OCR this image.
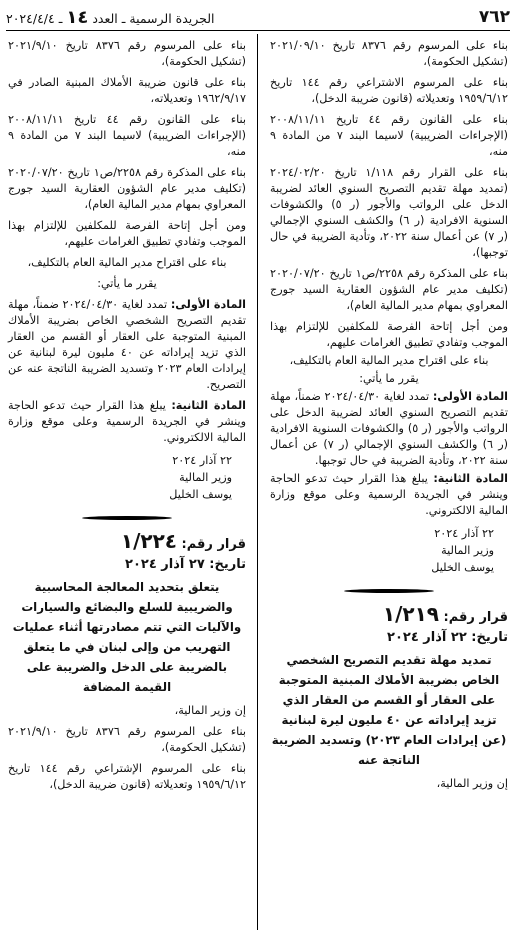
٧٦٢
الجريدة الرسمية ـ العدد ١٤ ـ ٢٠٢٤/٤/٤

بناء على المرسوم رقم ٨٣٧٦ تاريخ ٢٠٢١/٠٩/١٠ (تشكيل الحكومة)،

بناء على المرسوم الاشتراعي رقم ١٤٤ تاريخ ١٩٥٩/٦/١٢ وتعديلاته (قانون ضريبة الدخل)،

بناء على القانون رقم ٤٤ تاريخ ٢٠٠٨/١١/١١ (الإجراءات الضريبية) لاسيما البند ٧ من المادة ٩ منه،

بناء على القرار رقم ١/١١٨ تاريخ ٢٠٢٤/٠٢/٢٠ (تمديد مهلة تقديم التصريح السنوي العائد لضريبة الدخل على الرواتب والأجور (ر ٥) والكشوفات السنوية الافرادية (ر ٦) والكشف السنوي الإجمالي (ر ٧) عن أعمال سنة ٢٠٢٢، وتأدية الضريبة في حال توجبها)،

بناء على المذكرة رقم ٢٢٥٨/ص١ تاريخ ٢٠٢٠/٠٧/٢٠ (تكليف مدير عام الشؤون العقارية السيد جورج المعراوي بمهام مدير المالية العام)،

ومن أجل إتاحة الفرصة للمكلفين للإلتزام بهذا الموجب وتفادي تطبيق الغرامات عليهم،

بناء على اقتراح مدير المالية العام بالتكليف،

يقرر ما يأتي:

المادة الأولى: تمدد لغاية ٢٠٢٤/٠٤/٣٠ ضمناً، مهلة تقديم التصريح السنوي العائد لضريبة الدخل على الرواتب والأجور (ر ٥) والكشوفات السنوية الافرادية (ر ٦) والكشف السنوي الإجمالي (ر ٧) عن أعمال سنة ٢٠٢٢، وتأدية الضريبة في حال توجبها.

المادة الثانية: يبلغ هذا القرار حيث تدعو الحاجة وينشر في الجريدة الرسمية وعلى موقع وزارة المالية الالكتروني.

٢٢ آذار ٢٠٢٤
وزير المالية
يوسف الخليل
قرار رقم: ١/٢١٩
تاريخ: ٢٢ آذار ٢٠٢٤
تمديد مهلة تقديم التصريح الشخصي الخاص بضريبة الأملاك المبنية المتوجبة على العقار أو القسم من العقار الذي تزيد إيراداته عن ٤٠ مليون ليرة لبنانية (عن إيرادات العام ٢٠٢٣) وتسديد الضريبة الناتجة عنه

إن وزير المالية،

بناء على المرسوم رقم ٨٣٧٦ تاريخ ٢٠٢١/٩/١٠ (تشكيل الحكومة)،

بناء على قانون ضريبة الأملاك المبنية الصادر في ١٩٦٢/٩/١٧ وتعديلاته،

بناء على القانون رقم ٤٤ تاريخ ٢٠٠٨/١١/١١ (الإجراءات الضريبية) لاسيما البند ٧ من المادة ٩ منه،

بناء على المذكرة رقم ٢٢٥٨/ص١ تاريخ ٢٠٢٠/٠٧/٢٠ (تكليف مدير عام الشؤون العقارية السيد جورج المعراوي بمهام مدير المالية العام)،

ومن أجل إتاحة الفرصة للمكلفين للإلتزام بهذا الموجب وتفادي تطبيق الغرامات عليهم،

بناء على اقتراح مدير المالية العام بالتكليف،

يقرر ما يأتي:

المادة الأولى: تمدد لغاية ٢٠٢٤/٠٤/٣٠ ضمناً، مهلة تقديم التصريح الشخصي الخاص بضريبة الأملاك المبنية المتوجبة على العقار أو القسم من العقار الذي تزيد إيراداته عن ٤٠ مليون ليرة لبنانية عن إيرادات العام ٢٠٢٣ وتسديد الضريبة الناتجة عنه عن التصريح.

المادة الثانية: يبلغ هذا القرار حيث تدعو الحاجة وينشر في الجريدة الرسمية وعلى موقع وزارة المالية الالكتروني.

٢٢ آذار ٢٠٢٤
وزير المالية
يوسف الخليل
قرار رقم: ١/٢٢٤
تاريخ: ٢٧ آذار ٢٠٢٤
يتعلق بتحديد المعالجة المحاسبية والضريبية للسلع والبضائع والسيارات والآليات التي تتم مصادرتها أثناء عمليات التهريب من وإلى لبنان في ما يتعلق بالضريبة على الدخل والضريبة على القيمة المضافة

إن وزير المالية،

بناء على المرسوم رقم ٨٣٧٦ تاريخ ٢٠٢١/٩/١٠ (تشكيل الحكومة)،

بناء على المرسوم الإشتراعي رقم ١٤٤ تاريخ ١٩٥٩/٦/١٢ وتعديلاته (قانون ضريبة الدخل)،
